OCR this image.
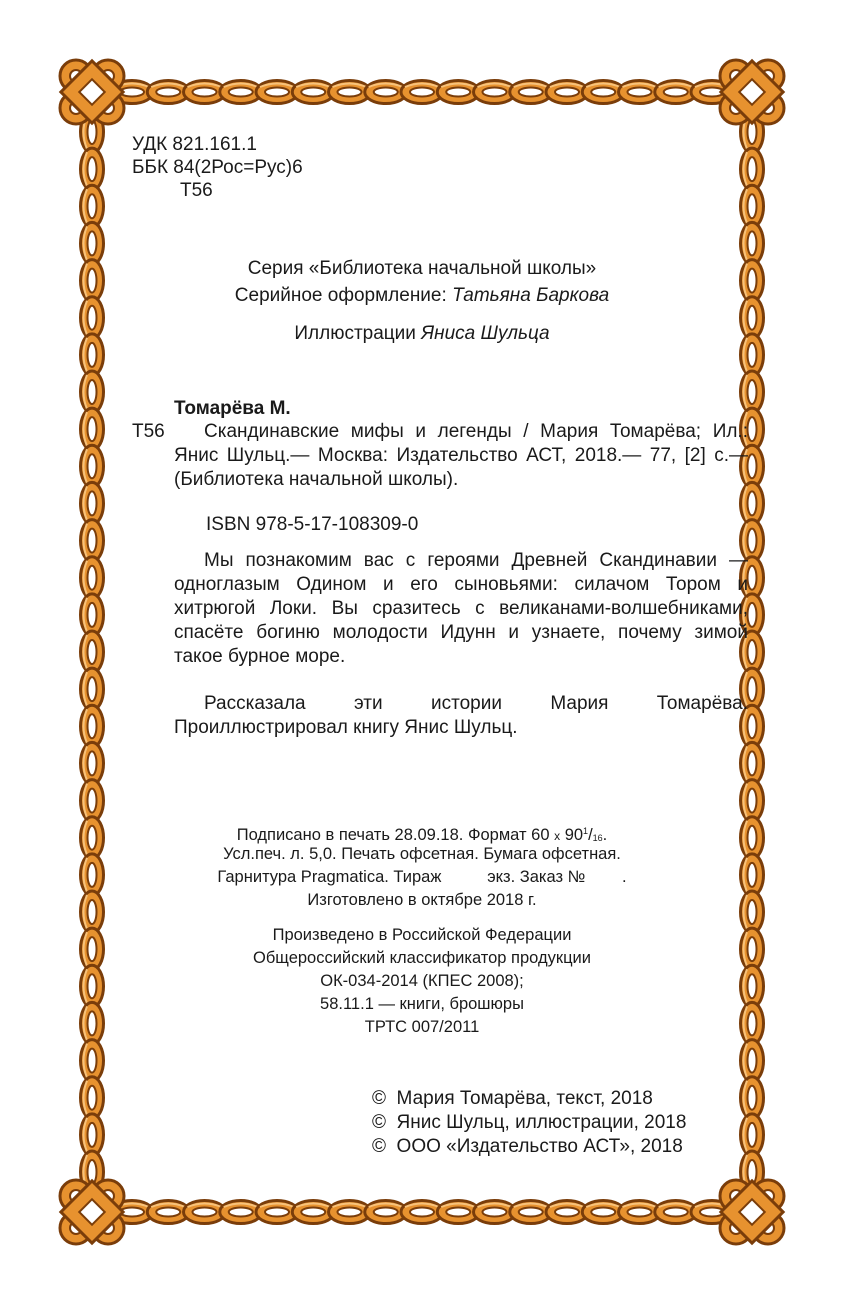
УДК 821.161.1
ББК 84(2Рос=Рус)6
Т56
Серия «Библиотека начальной школы»
Серийное оформление: Татьяна Баркова
Иллюстрации Яниса Шульца
Томарёва М.
Т56	Скандинавские мифы и легенды / Мария Томарёва; Ил.: Янис Шульц.— Москва: Издательство АСТ, 2018.— 77, [2] с.— (Библиотека начальной школы).
ISBN 978-5-17-108309-0
Мы познакомим вас с героями Древней Скандинавии — одноглазым Одином и его сыновьями: силачом Тором и хитрюгой Локи. Вы сразитесь с великанами-волшебниками, спасёте богиню молодости Идунн и узнаете, почему зимой такое бурное море.
Рассказала эти истории Мария Томарёва. Проиллюстрировал книгу Янис Шульц.
Подписано в печать 28.09.18. Формат 60 х $90^1/_{16}$.
Усл.печ. л. 5,0. Печать офсетная. Бумага офсетная.
Гарнитура Pragmatica. Тираж          экз. Заказ №        .
Изготовлено в октябре 2018 г.
Произведено в Российской Федерации
Общероссийский классификатор продукции
ОК-034-2014 (КПЕС 2008);
58.11.1 — книги, брошюры
ТРТС 007/2011
©  Мария Томарёва, текст, 2018
©  Янис Шульц, иллюстрации, 2018
©  ООО «Издательство АСТ», 2018
